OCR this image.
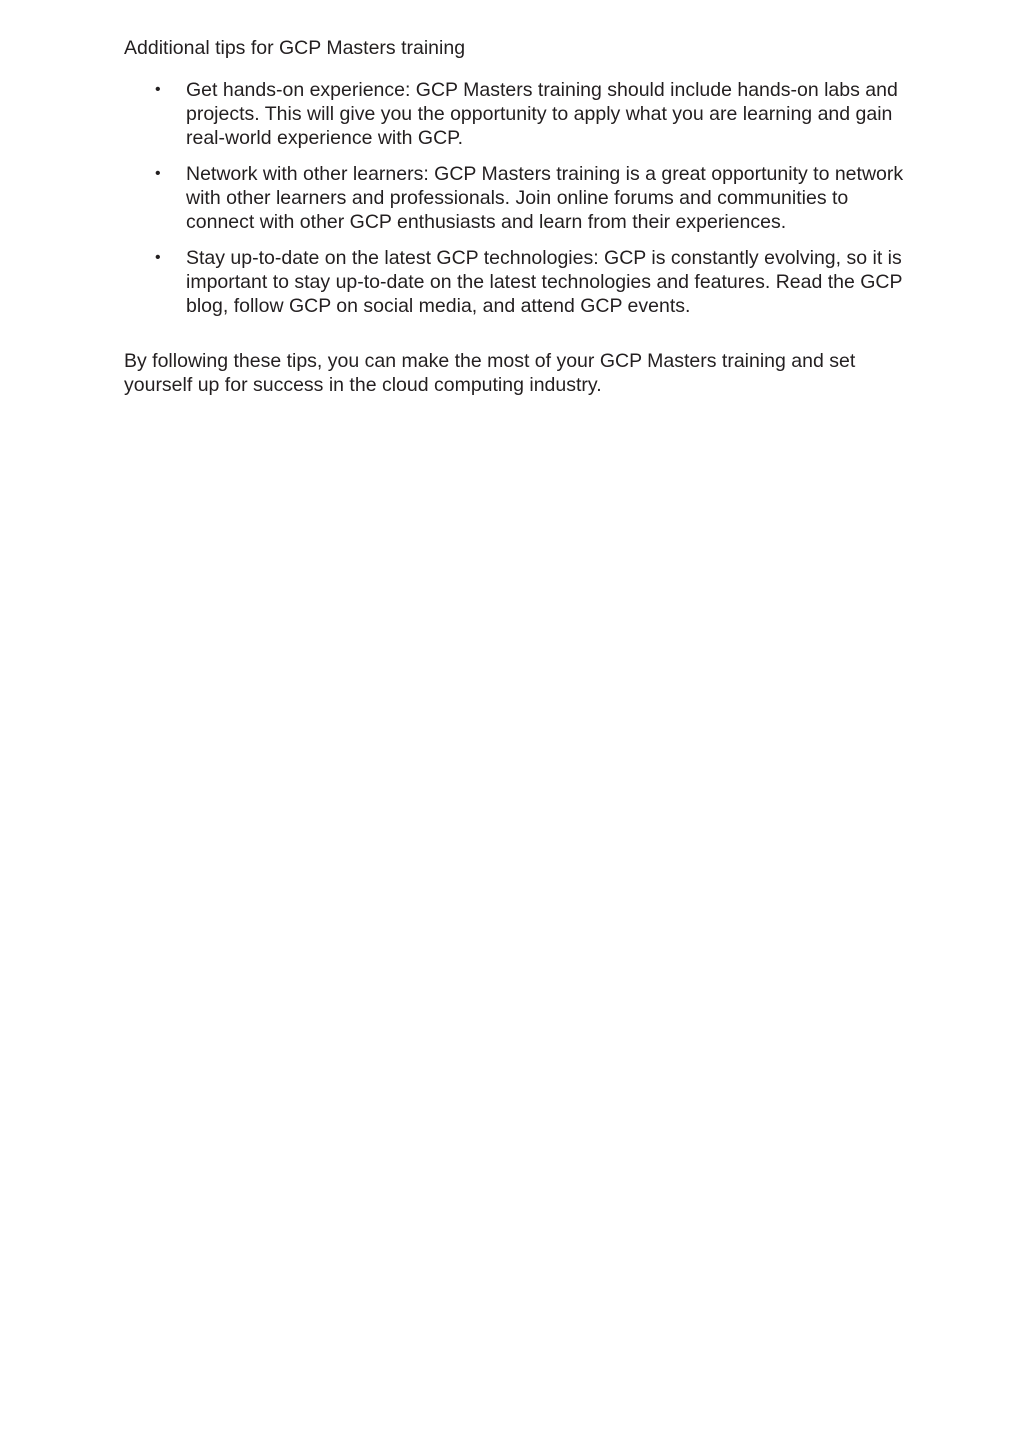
Additional tips for GCP Masters training

• Get hands-on experience: GCP Masters training should include hands-on labs and projects. This will give you the opportunity to apply what you are learning and gain real-world experience with GCP.
• Network with other learners: GCP Masters training is a great opportunity to network with other learners and professionals. Join online forums and communities to connect with other GCP enthusiasts and learn from their experiences.
• Stay up-to-date on the latest GCP technologies: GCP is constantly evolving, so it is important to stay up-to-date on the latest technologies and features. Read the GCP blog, follow GCP on social media, and attend GCP events.

By following these tips, you can make the most of your GCP Masters training and set yourself up for success in the cloud computing industry.
